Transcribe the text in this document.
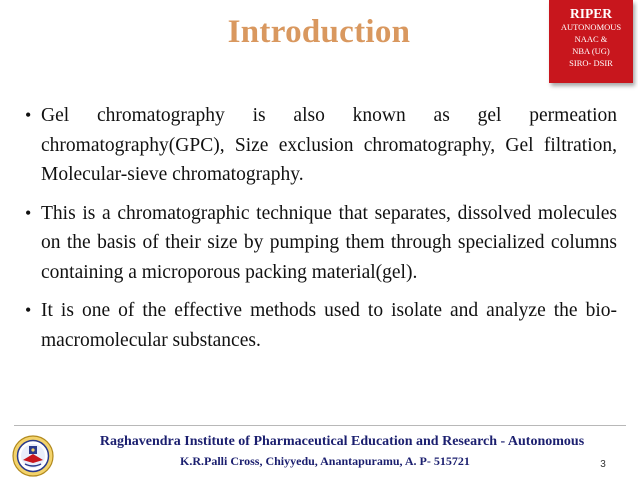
Introduction
RIPER
AUTONOMOUS
NAAC &
NBA (UG)
SIRO- DSIR
• Gel chromatography is also known as gel permeation chromatography(GPC), Size exclusion chromatography, Gel filtration, Molecular-sieve chromatography.
• This is a chromatographic technique that separates, dissolved molecules on the basis of their size by pumping them through specialized columns containing a microporous packing material(gel).
• It is one of the effective methods used to isolate and analyze the bio-macromolecular substances.
Raghavendra Institute of Pharmaceutical Education and Research - Autonomous
K.R.Palli Cross, Chiyyedu, Anantapuramu, A. P- 515721	3
